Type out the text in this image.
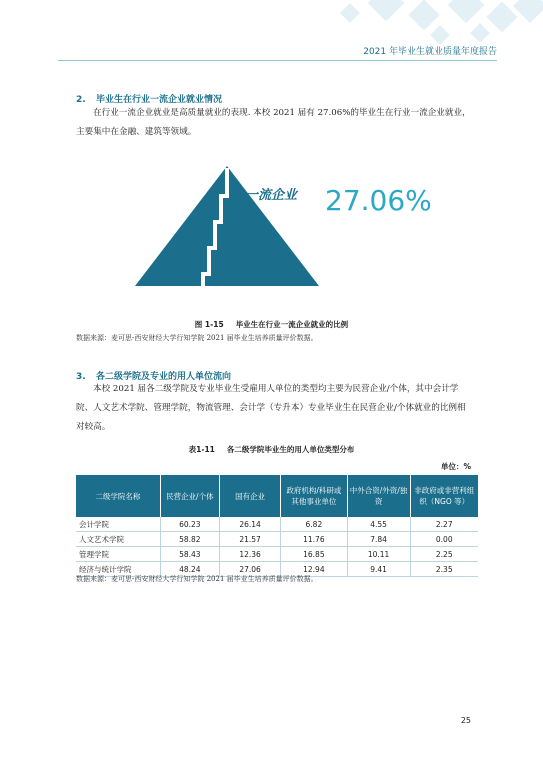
2021 年毕业生就业质量年度报告
2. 毕业生在行业一流企业就业情况
在行业一流企业就业是高质量就业的表现. 本校 2021 届有 27.06%的毕业生在行业一流企业就业，主要集中在金融、建筑等领域。
一流企业 27.06%
图 1-15 毕业生在行业一流企业就业的比例
数据来源：麦可思-西安财经大学行知学院 2021 届毕业生培养质量评价数据。
3. 各二级学院及专业的用人单位流向
本校 2021 届各二级学院及专业毕业生受雇用人单位的类型均主要为民营企业/个体，其中会计学院、人文艺术学院、管理学院，物流管理、会计学（专升本）专业毕业生在民营企业/个体就业的比例相对较高。
表1-11 各二级学院毕业生的用人单位类型分布
单位：%
二级学院名称	民营企业/个体	国有企业	政府机构/科研或其他事业单位	中外合资/外资/独资	非政府或非营利组织（NGO 等）
会计学院	60.23	26.14	6.82	4.55	2.27
人文艺术学院	58.82	21.57	11.76	7.84	0.00
管理学院	58.43	12.36	16.85	10.11	2.25
经济与统计学院	48.24	27.06	12.94	9.41	2.35
数据来源：麦可思-西安财经大学行知学院 2021 届毕业生培养质量评价数据。
25
